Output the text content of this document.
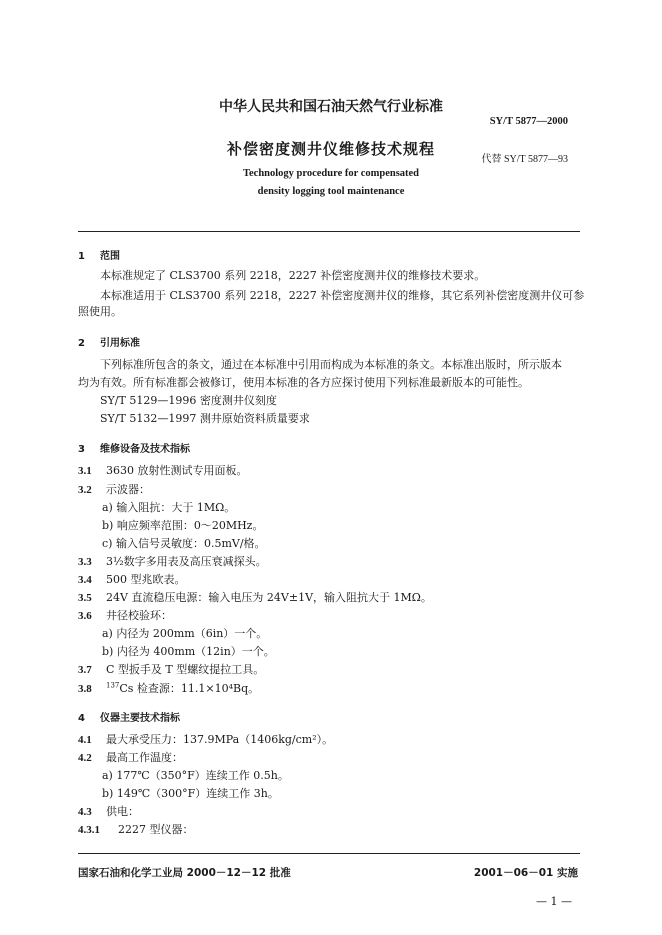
中华人民共和国石油天然气行业标准
SY/T 5877—2000
补偿密度测井仪维修技术规程
代替 SY/T 5877—93
Technology procedure for compensated
density logging tool maintenance
1 范围
本标准规定了 CLS3700 系列 2218，2227 补偿密度测井仪的维修技术要求。
本标准适用于 CLS3700 系列 2218，2227 补偿密度测井仪的维修，其它系列补偿密度测井仪可参
照使用。
2 引用标准
下列标准所包含的条文，通过在本标准中引用而构成为本标准的条文。本标准出版时，所示版本
均为有效。所有标准都会被修订，使用本标准的各方应探讨使用下列标准最新版本的可能性。
SY/T 5129—1996 密度测井仪刻度
SY/T 5132—1997 测井原始资料质量要求
3 维修设备及技术指标
3.1 3630 放射性测试专用面板。
3.2 示波器：
a) 输入阻抗：大于 1MΩ。
b) 响应频率范围：0～20MHz。
c) 输入信号灵敏度：0.5mV/格。
3.3 3½数字多用表及高压衰减探头。
3.4 500 型兆欧表。
3.5 24V 直流稳压电源：输入电压为 24V±1V，输入阻抗大于 1MΩ。
3.6 井径校验环：
a) 内径为 200mm（6in）一个。
b) 内径为 400mm（12in）一个。
3.7 C 型扳手及 T 型螺纹提拉工具。
3.8 $^{137}$Cs 检查源：11.1×10⁴Bq。
4 仪器主要技术指标
4.1 最大承受压力：137.9MPa（1406kg/cm²）。
4.2 最高工作温度：
a) 177℃（350°F）连续工作 0.5h。
b) 149℃（300°F）连续工作 3h。
4.3 供电：
4.3.1 2227 型仪器：
国家石油和化学工业局 2000－12－12 批准	2001－06－01 实施
— 1 —
